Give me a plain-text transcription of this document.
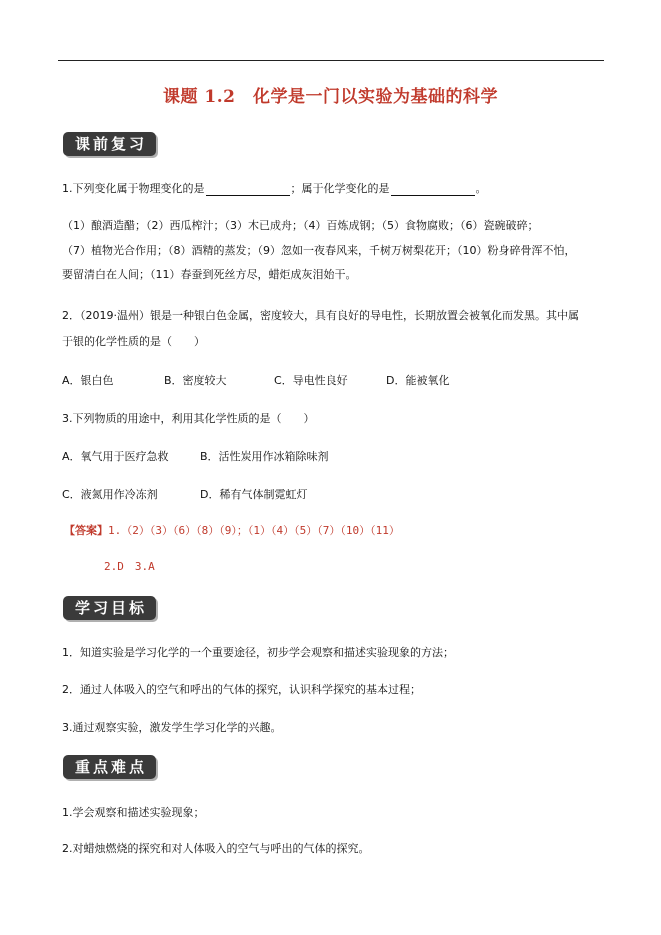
课题 1.2　化学是一门以实验为基础的科学
课前复习
1.下列变化属于物理变化的是	；属于化学变化的是	。
（1）酿酒造醋；（2）西瓜榨汁；（3）木已成舟；（4）百炼成钢；（5）食物腐败；（6）瓷碗破碎；
（7）植物光合作用；（8）酒精的蒸发；（9）忽如一夜春风来，千树万树梨花开；（10）粉身碎骨浑不怕，
要留清白在人间；（11）春蚕到死丝方尽，蜡炬成灰泪始干。
2．（2019·温州）银是一种银白色金属，密度较大，具有良好的导电性，长期放置会被氧化而发黑。其中属
于银的化学性质的是（　　）
A．银白色	B．密度较大	C．导电性良好	D．能被氧化
3.下列物质的用途中，利用其化学性质的是（　　）
A．氧气用于医疗急救	B．活性炭用作冰箱除味剂
C．液氮用作冷冻剂	D．稀有气体制霓虹灯
【答案】1.（2）（3）（6）（8）（9）；（1）（4）（5）（7）（10）（11）
2.D　3.A
学习目标
1．知道实验是学习化学的一个重要途径，初步学会观察和描述实验现象的方法；
2．通过人体吸入的空气和呼出的气体的探究，认识科学探究的基本过程；
3.通过观察实验，激发学生学习化学的兴趣。
重点难点
1.学会观察和描述实验现象；
2.对蜡烛燃烧的探究和对人体吸入的空气与呼出的气体的探究。
